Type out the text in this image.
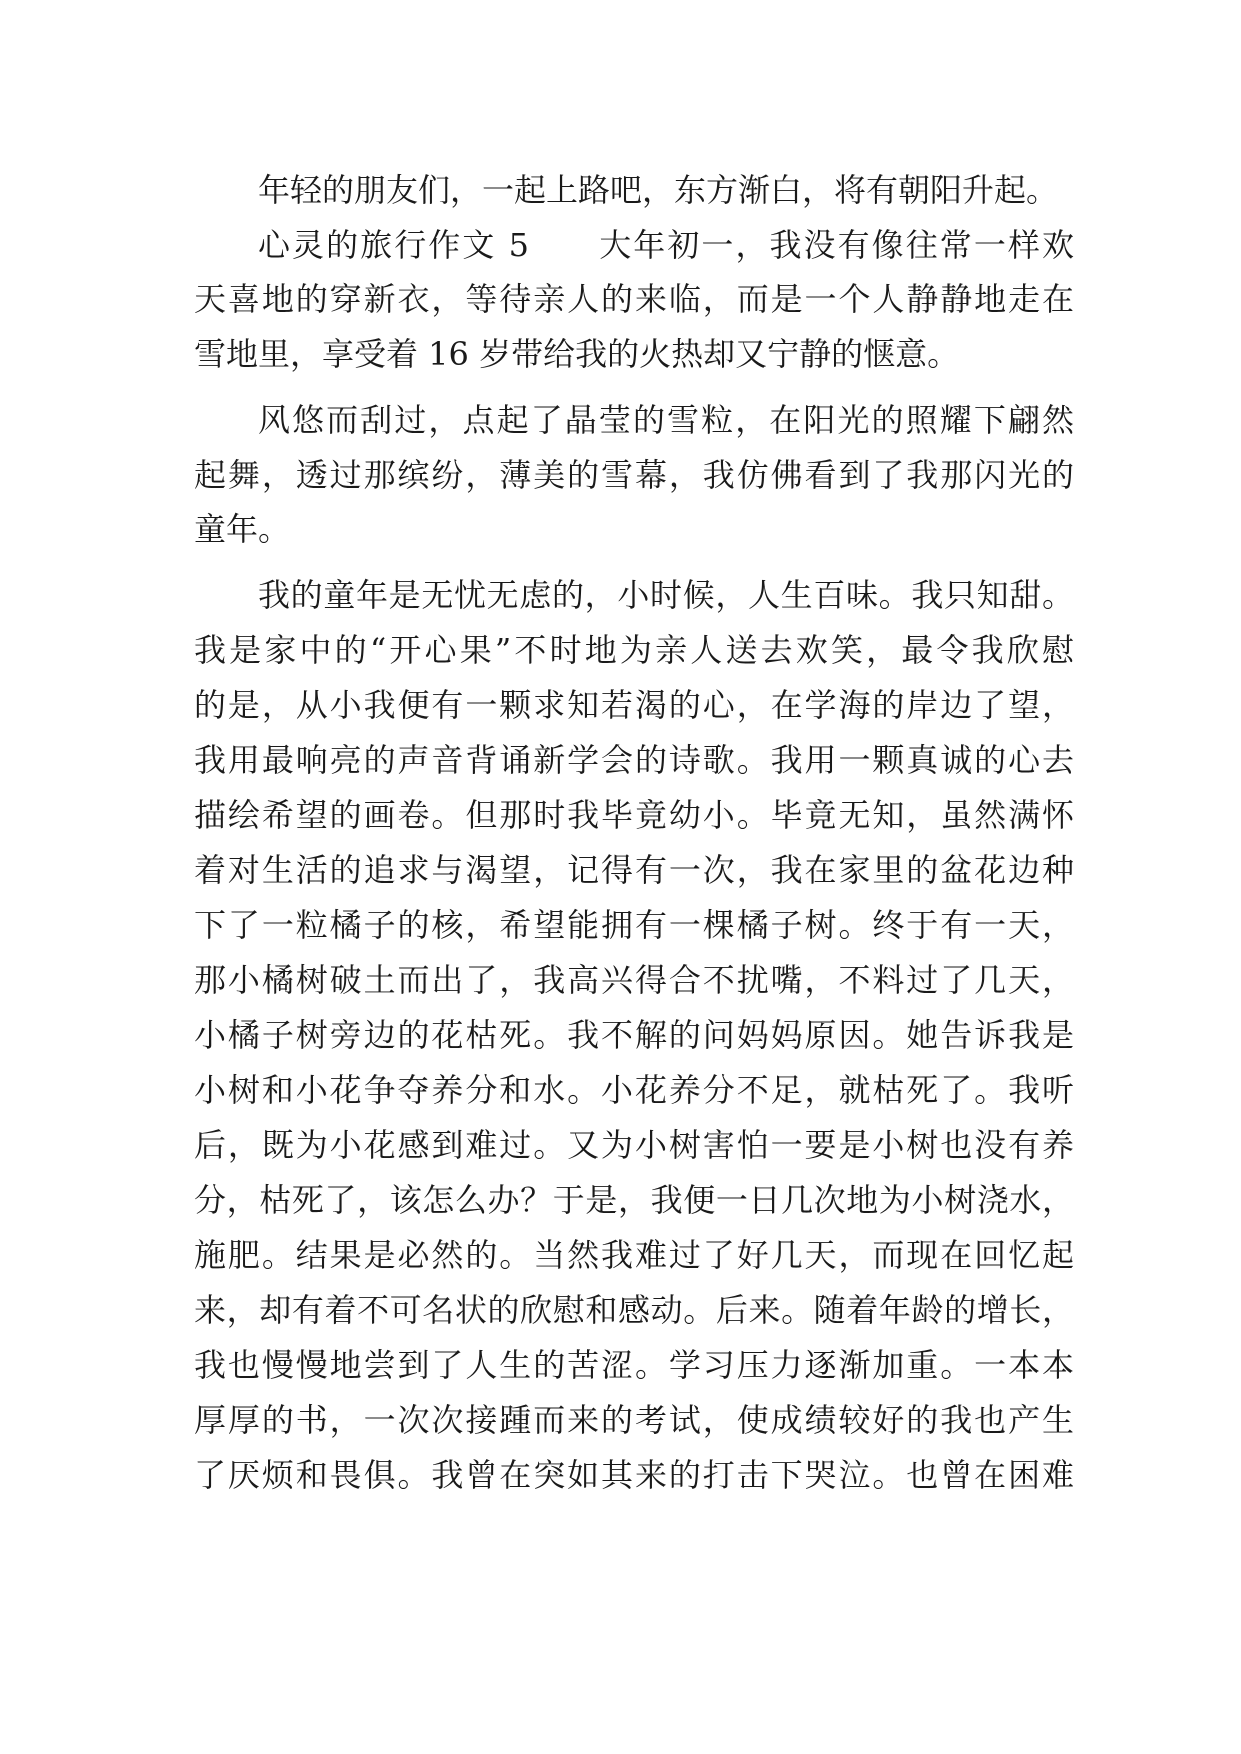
年轻的朋友们，一起上路吧，东方渐白，将有朝阳升起。
心灵的旅行作文 5　　大年初一，我没有像往常一样欢
天喜地的穿新衣，等待亲人的来临，而是一个人静静地走在
雪地里，享受着 16 岁带给我的火热却又宁静的惬意。
风悠而刮过，点起了晶莹的雪粒，在阳光的照耀下翩然
起舞，透过那缤纷，薄美的雪幕，我仿佛看到了我那闪光的
童年。
我的童年是无忧无虑的，小时候，人生百味。我只知甜。
我是家中的“开心果”不时地为亲人送去欢笑，最令我欣慰
的是，从小我便有一颗求知若渴的心，在学海的岸边了望，
我用最响亮的声音背诵新学会的诗歌。我用一颗真诚的心去
描绘希望的画卷。但那时我毕竟幼小。毕竟无知，虽然满怀
着对生活的追求与渴望，记得有一次，我在家里的盆花边种
下了一粒橘子的核，希望能拥有一棵橘子树。终于有一天，
那小橘树破土而出了，我高兴得合不扰嘴，不料过了几天，
小橘子树旁边的花枯死。我不解的问妈妈原因。她告诉我是
小树和小花争夺养分和水。小花养分不足，就枯死了。我听
后，既为小花感到难过。又为小树害怕一要是小树也没有养
分，枯死了，该怎么办？于是，我便一日几次地为小树浇水，
施肥。结果是必然的。当然我难过了好几天，而现在回忆起
来，却有着不可名状的欣慰和感动。后来。随着年龄的增长，
我也慢慢地尝到了人生的苦涩。学习压力逐渐加重。一本本
厚厚的书，一次次接踵而来的考试，使成绩较好的我也产生
了厌烦和畏俱。我曾在突如其来的打击下哭泣。也曾在困难
